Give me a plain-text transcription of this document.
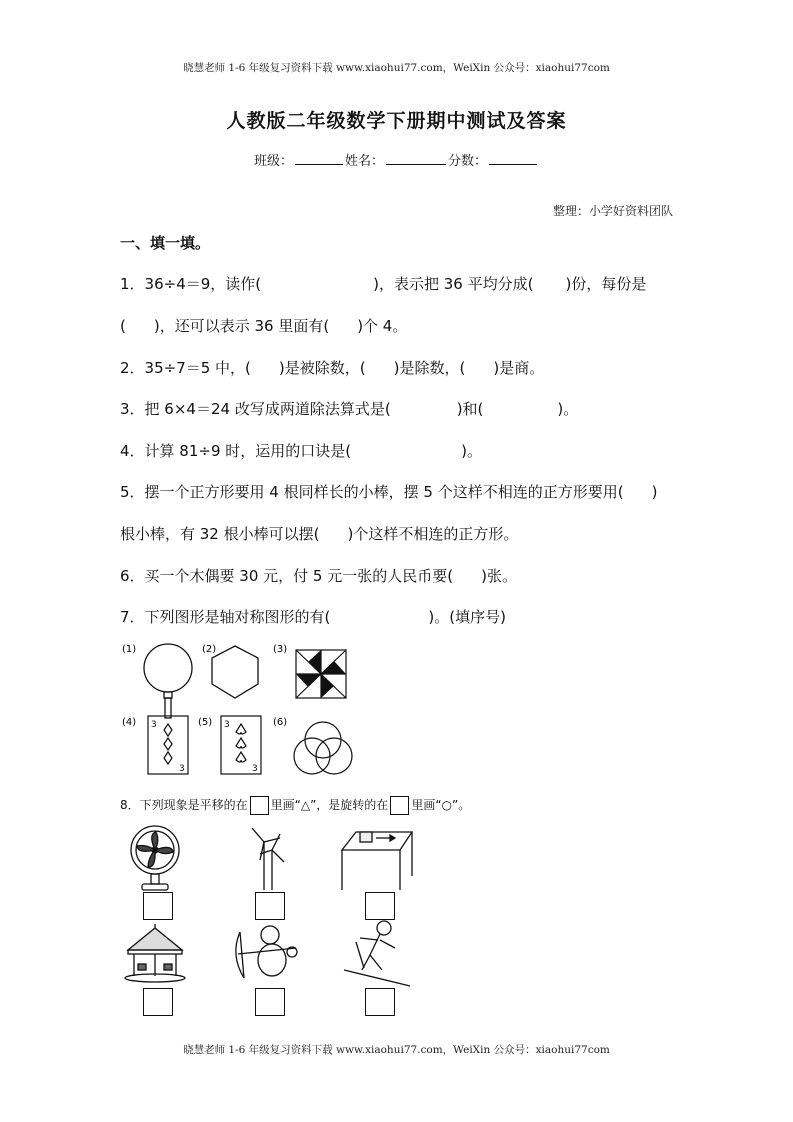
晓慧老师 1-6 年级复习资料下载 www.xiaohui77.com，WeiXin 公众号：xiaohui77com
人教版二年级数学下册期中测试及答案
班级：	姓名：	分数：
整理：小学好资料团队
一、填一填。
1．36÷4＝9，读作(	)，表示把 36 平均分成( )份，每份是
( )，还可以表示 36 里面有( )个 4。
2．35÷7＝5 中，( )是被除数，( )是除数，( )是商。
3．把 6×4＝24 改写成两道除法算式是(	)和(	)。
4．计算 81÷9 时，运用的口诀是(	)。
5．摆一个正方形要用 4 根同样长的小棒，摆 5 个这样不相连的正方形要用( )
根小棒，有 32 根小棒可以摆( )个这样不相连的正方形。
6．买一个木偶要 30 元，付 5 元一张的人民币要( )张。
7．下列图形是轴对称图形的有(	)。(填序号)
(1)	(2)	(3)
(4) 3
3
(5) 3
3
(6)
8．下列现象是平移的在 里画“△”，是旋转的在 里画“○”。
晓慧老师 1-6 年级复习资料下载 www.xiaohui77.com，WeiXin 公众号：xiaohui77com
